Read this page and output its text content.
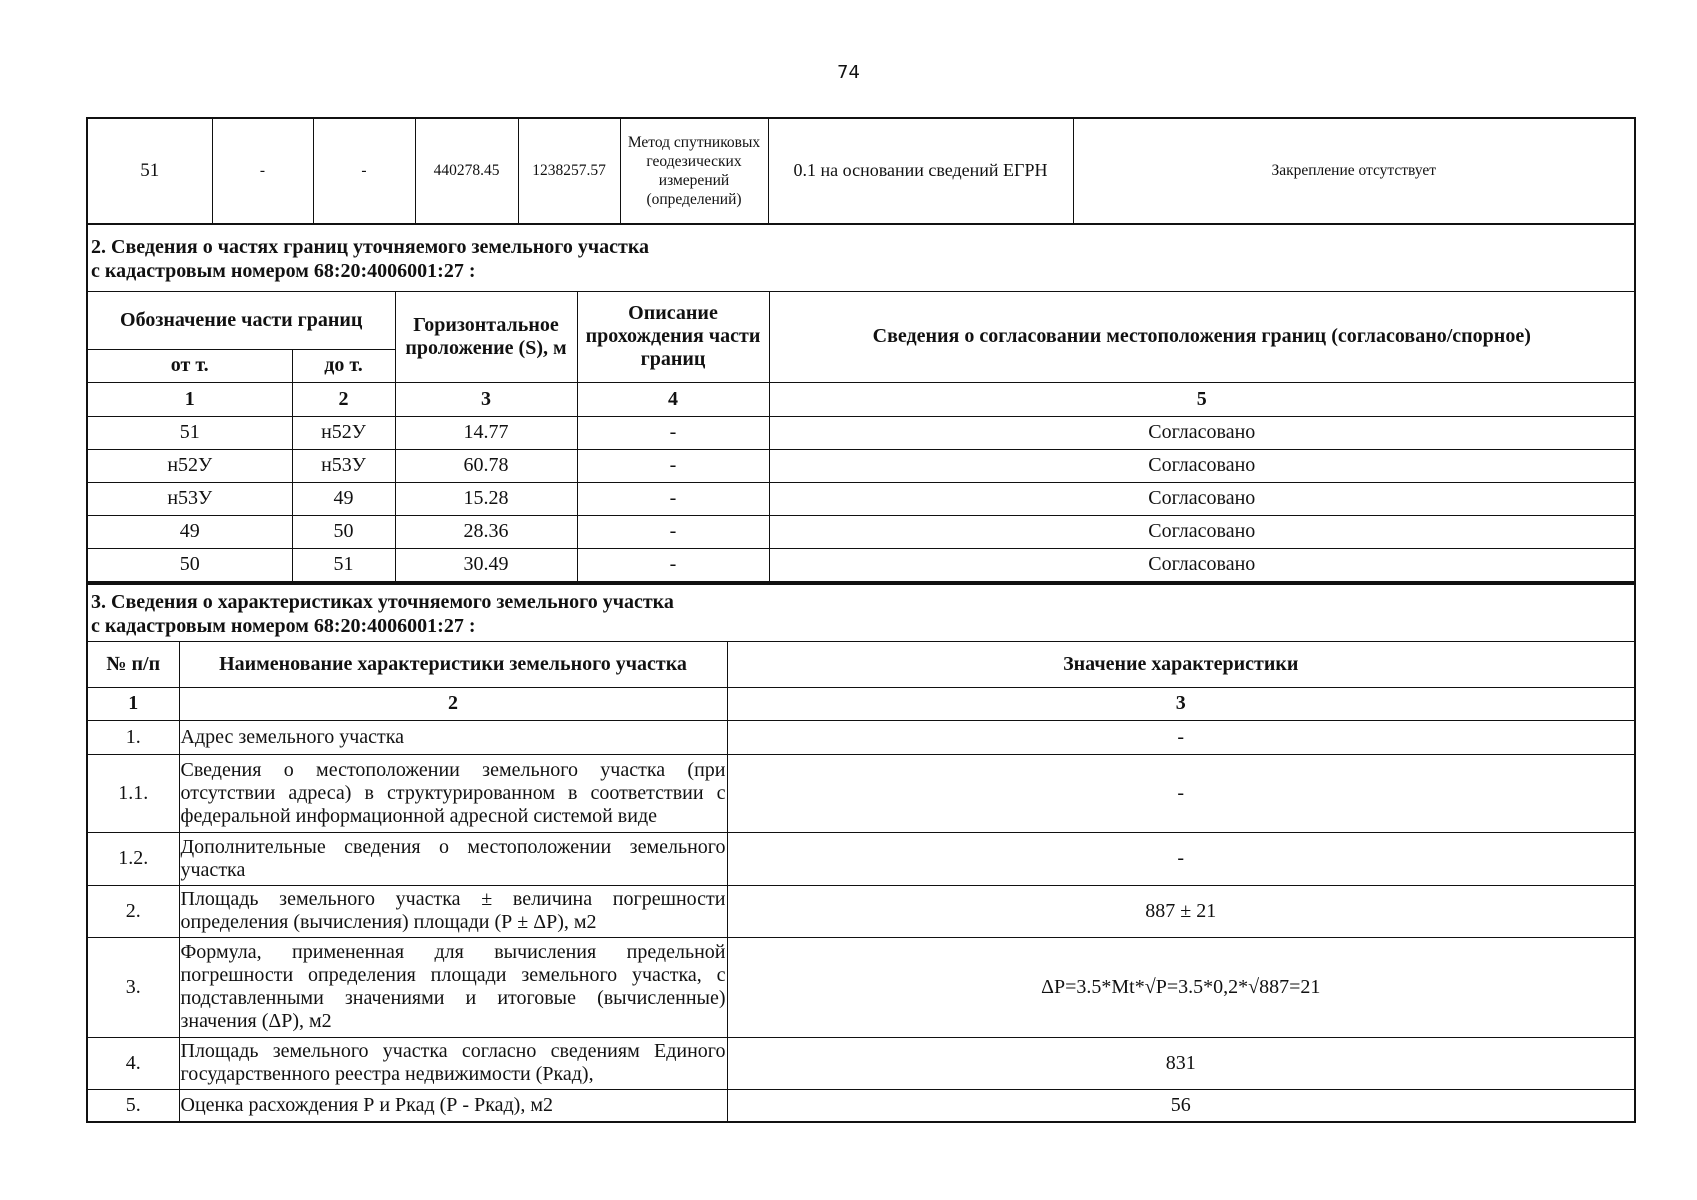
74
51	-	-	440278.45	1238257.57	Метод спутниковых геодезических измерений (определений)	0.1 на основании сведений ЕГРН	Закрепление отсутствует
2. Сведения о частях границ уточняемого земельного участка
с кадастровым номером 68:20:4006001:27 :				

Обозначение части границ		Горизонтальное проложение (S), м	Описание прохождения части границ	Сведения о согласовании местоположения границ (согласовано/спорное)
от т.	до т.			
1	2	3	4	5
51	н52У	14.77	-	Согласовано
н52У	н53У	60.78	-	Согласовано
н53У	49	15.28	-	Согласовано
49	50	28.36	-	Согласовано
50	51	30.49	-	Согласовано
3. Сведения о характеристиках уточняемого земельного участка
с кадастровым номером 68:20:4006001:27 :		

№ п/п	Наименование характеристики земельного участка	Значение характеристики
1	2	3
1.	Адрес земельного участка	-
1.1.	Сведения о местоположении земельного участка (при отсутствии адреса) в структурированном в соответствии с федеральной информационной адресной системой виде	-
1.2.	Дополнительные сведения о местоположении земельного участка	-
2.	Площадь земельного участка ± величина погрешности определения (вычисления) площади (Р ± ΔР), м2	887 ± 21
3.	Формула, примененная для вычисления предельной погрешности определения площади земельного участка, с подставленными значениями и итоговые (вычисленные) значения (ΔР), м2	ΔР=3.5*Mt*√Р=3.5*0,2*√887=21
4.	Площадь земельного участка согласно сведениям Единого государственного реестра недвижимости (Ркад),	831
5.	Оценка расхождения Р и Ркад (Р - Ркад), м2	56
